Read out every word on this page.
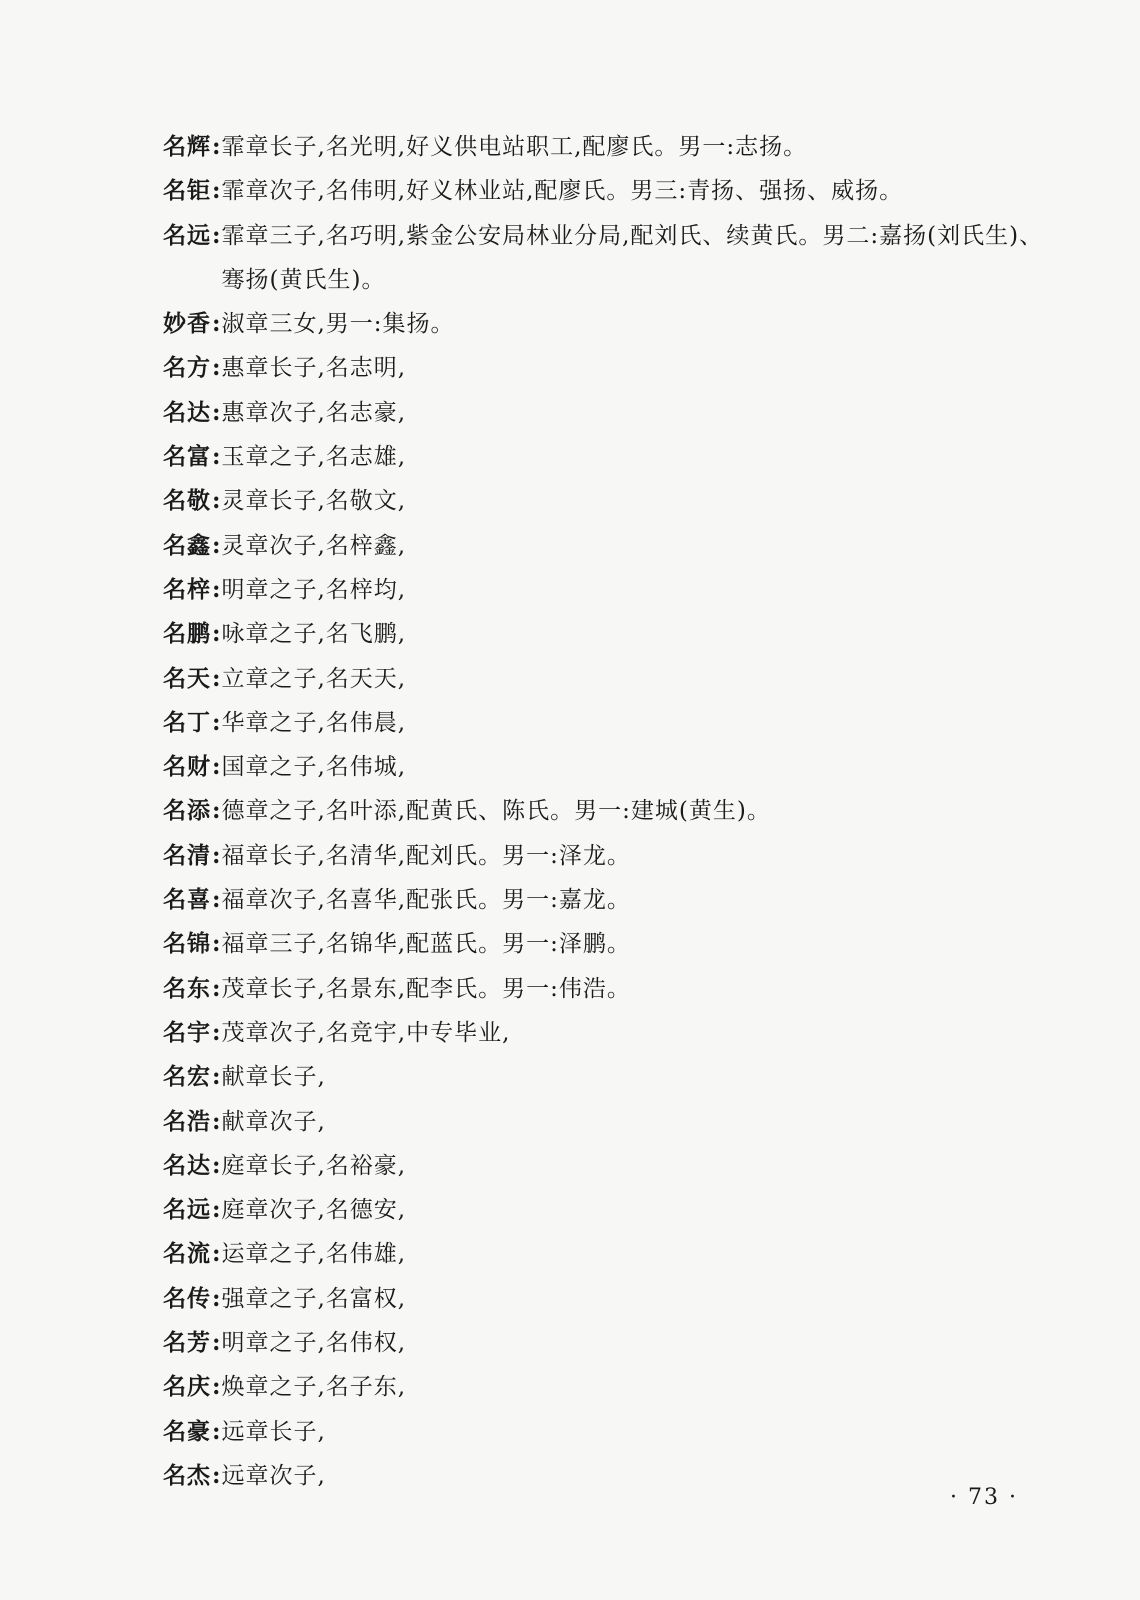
名辉 : 霏章长子,名光明,好义供电站职工,配廖氏。男一:志扬。
名钜 : 霏章次子,名伟明,好义林业站,配廖氏。男三:青扬、强扬、威扬。
名远 : 霏章三子,名巧明,紫金公安局林业分局,配刘氏、续黄氏。男二:嘉扬(刘氏生)、骞扬(黄氏生)。
妙香 : 淑章三女,男一:集扬。
名方 : 惠章长子,名志明,
名达 : 惠章次子,名志豪,
名富 : 玉章之子,名志雄,
名敬 : 灵章长子,名敬文,
名鑫 : 灵章次子,名梓鑫,
名梓 : 明章之子,名梓均,
名鹏 : 咏章之子,名飞鹏,
名天 : 立章之子,名天天,
名丁 : 华章之子,名伟晨,
名财 : 国章之子,名伟城,
名添 : 德章之子,名叶添,配黄氏、陈氏。男一:建城(黄生)。
名清 : 福章长子,名清华,配刘氏。男一:泽龙。
名喜 : 福章次子,名喜华,配张氏。男一:嘉龙。
名锦 : 福章三子,名锦华,配蓝氏。男一:泽鹏。
名东 : 茂章长子,名景东,配李氏。男一:伟浩。
名宇 : 茂章次子,名竞宇,中专毕业,
名宏 : 献章长子,
名浩 : 献章次子,
名达 : 庭章长子,名裕豪,
名远 : 庭章次子,名德安,
名流 : 运章之子,名伟雄,
名传 : 强章之子,名富权,
名芳 : 明章之子,名伟权,
名庆 : 焕章之子,名子东,
名豪 : 远章长子,
名杰 : 远章次子,
· 73 ·
